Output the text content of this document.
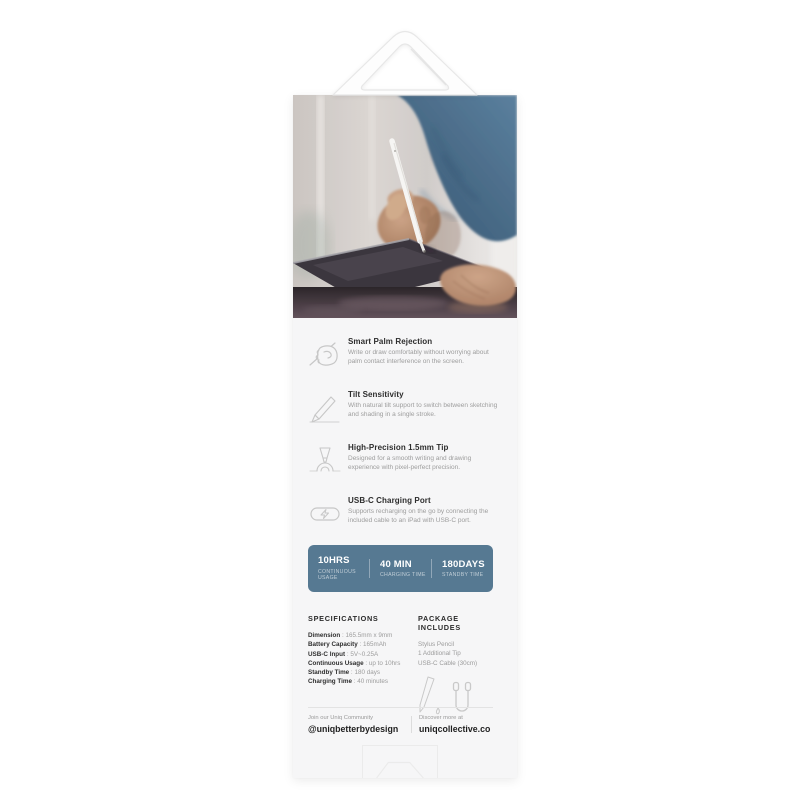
Smart Palm Rejection
Write or draw comfortably without worrying about palm contact interference on the screen.
Tilt Sensitivity
With natural tilt support to switch between sketching and shading in a single stroke.
High-Precision 1.5mm Tip
Designed for a smooth writing and drawing experience with pixel-perfect precision.
USB-C Charging Port
Supports recharging on the go by connecting the included cable to an iPad with USB-C port.
10HRS
CONTINUOUS USAGE
40 MIN
CHARGING TIME
180DAYS
STANDBY TIME
SPECIFICATIONS
Dimension : 165.5mm x 9mm
Battery Capacity : 165mAh
USB-C Input : 5V~0.25A
Continuous Usage : up to 10hrs
Standby Time : 180 days
Charging Time : 40 minutes
PACKAGE INCLUDES
Stylus Pencil
1 Additional Tip
USB-C Cable (30cm)
Join our Uniq Community
@uniqbetterbydesign
Discover more at
uniqcollective.co
